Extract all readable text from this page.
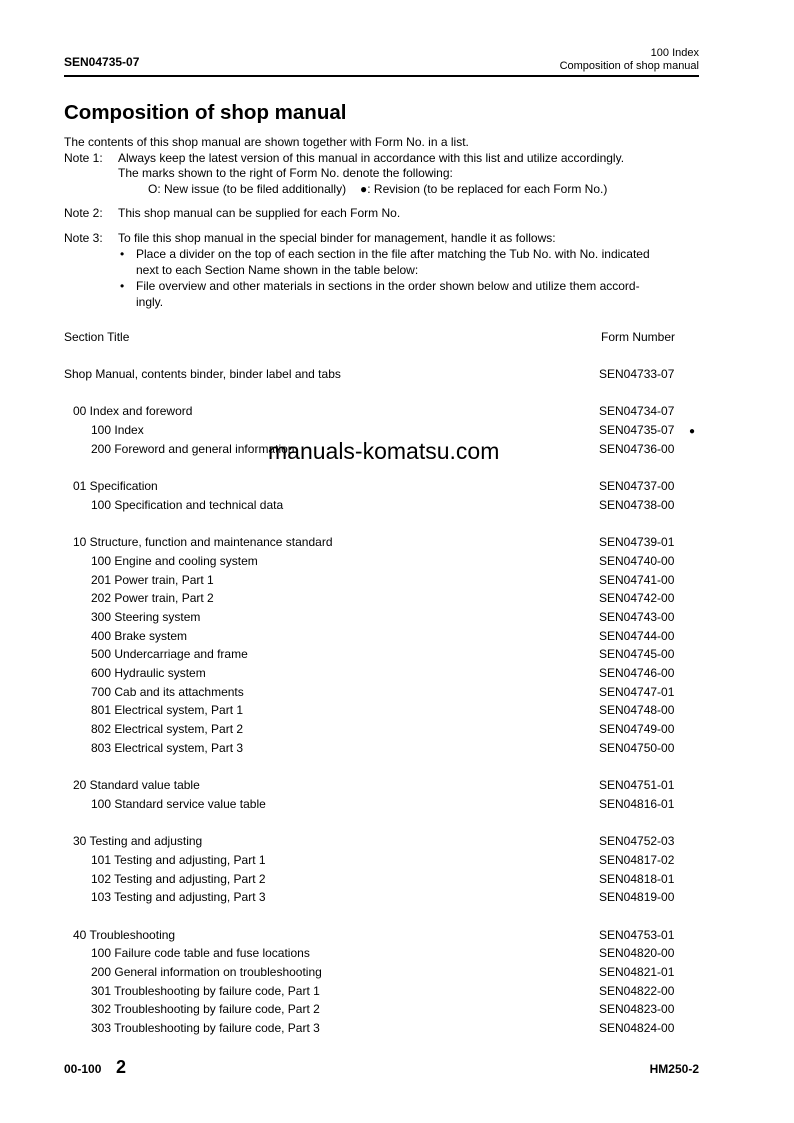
SEN04735-07
100 Index
Composition of shop manual
Composition of shop manual
The contents of this shop manual are shown together with Form No. in a list.
Note 1: Always keep the latest version of this manual in accordance with this list and utilize accordingly.
The marks shown to the right of Form No. denote the following:
O: New issue (to be filed additionally) ●: Revision (to be replaced for each Form No.)
Note 2: This shop manual can be supplied for each Form No.
Note 3: To file this shop manual in the special binder for management, handle it as follows:
• Place a divider on the top of each section in the file after matching the Tub No. with No. indicated
next to each Section Name shown in the table below:
• File overview and other materials in sections in the order shown below and utilize them accord-
ingly.
Section Title	Form Number
Shop Manual, contents binder, binder label and tabs	SEN04733-07
00 Index and foreword	SEN04734-07
100 Index	SEN04735-07 ●
200 Foreword and general information	SEN04736-00
01 Specification	SEN04737-00
100 Specification and technical data	SEN04738-00
10 Structure, function and maintenance standard	SEN04739-01
100 Engine and cooling system	SEN04740-00
201 Power train, Part 1	SEN04741-00
202 Power train, Part 2	SEN04742-00
300 Steering system	SEN04743-00
400 Brake system	SEN04744-00
500 Undercarriage and frame	SEN04745-00
600 Hydraulic system	SEN04746-00
700 Cab and its attachments	SEN04747-01
801 Electrical system, Part 1	SEN04748-00
802 Electrical system, Part 2	SEN04749-00
803 Electrical system, Part 3	SEN04750-00
20 Standard value table	SEN04751-01
100 Standard service value table	SEN04816-01
30 Testing and adjusting	SEN04752-03
101 Testing and adjusting, Part 1	SEN04817-02
102 Testing and adjusting, Part 2	SEN04818-01
103 Testing and adjusting, Part 3	SEN04819-00
40 Troubleshooting	SEN04753-01
100 Failure code table and fuse locations	SEN04820-00
200 General information on troubleshooting	SEN04821-01
301 Troubleshooting by failure code, Part 1	SEN04822-00
302 Troubleshooting by failure code, Part 2	SEN04823-00
303 Troubleshooting by failure code, Part 3	SEN04824-00
manuals-komatsu.com
00-100 2	HM250-2
